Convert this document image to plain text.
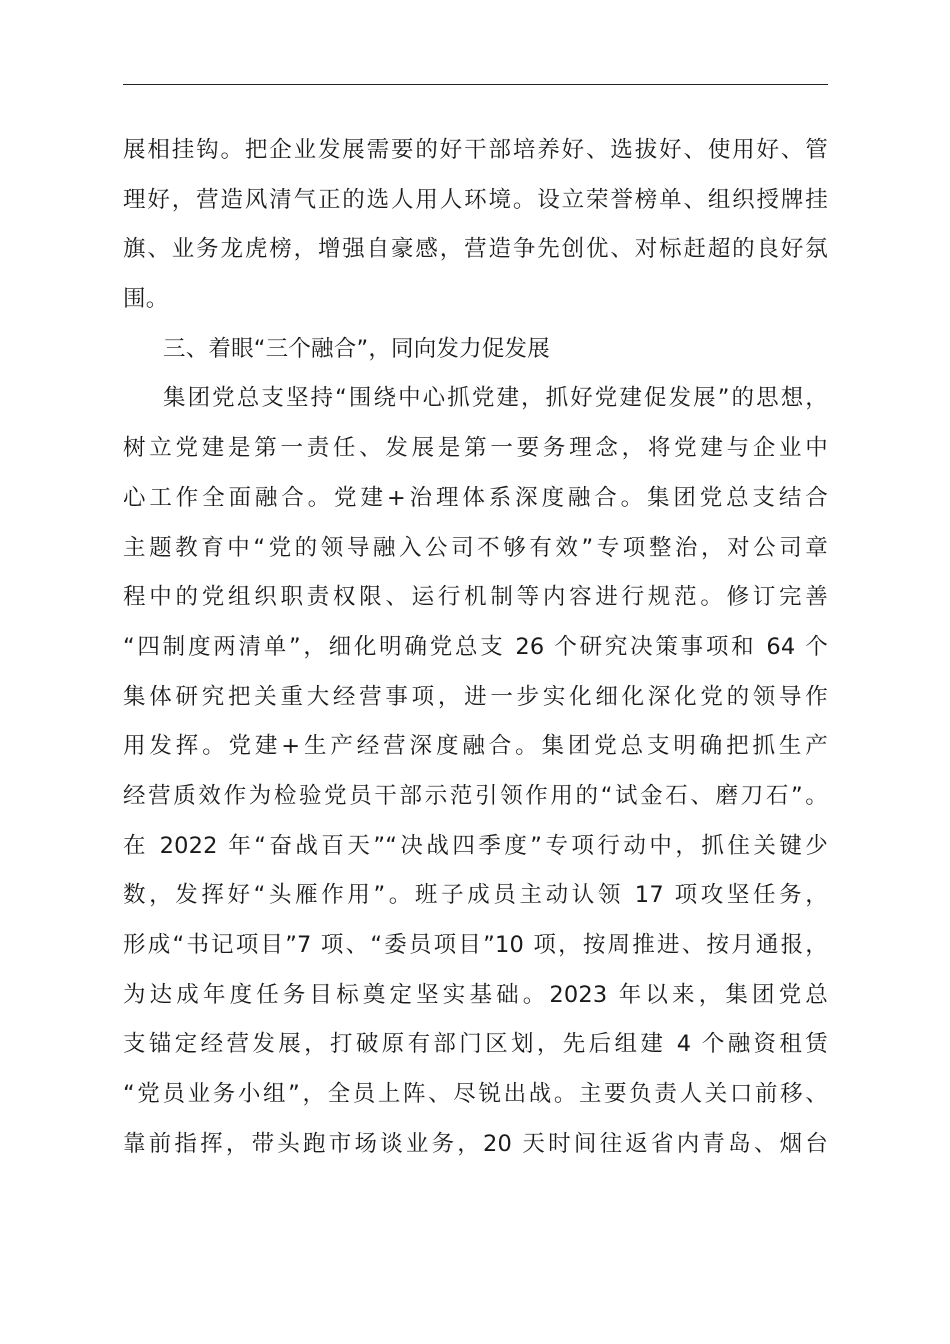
展相挂钩。把企业发展需要的好干部培养好、选拔好、使用好、管
理好，营造风清气正的选人用人环境。设立荣誉榜单、组织授牌挂
旗、业务龙虎榜，增强自豪感，营造争先创优、对标赶超的良好氛
围。
三、着眼“三个融合”，同向发力促发展
集团党总支坚持“围绕中心抓党建，抓好党建促发展”的思想，
树立党建是第一责任、发展是第一要务理念，将党建与企业中
心工作全面融合。党建+治理体系深度融合。集团党总支结合
主题教育中“党的领导融入公司不够有效”专项整治，对公司章
程中的党组织职责权限、运行机制等内容进行规范。修订完善
“四制度两清单”，细化明确党总支 26 个研究决策事项和 64 个
集体研究把关重大经营事项，进一步实化细化深化党的领导作
用发挥。党建+生产经营深度融合。集团党总支明确把抓生产
经营质效作为检验党员干部示范引领作用的“试金石、磨刀石”。
在 2022 年“奋战百天”“决战四季度”专项行动中，抓住关键少
数，发挥好“头雁作用”。班子成员主动认领 17 项攻坚任务，
形成“书记项目”7 项、“委员项目”10 项，按周推进、按月通报，
为达成年度任务目标奠定坚实基础。2023 年以来，集团党总
支锚定经营发展，打破原有部门区划，先后组建 4 个融资租赁
“党员业务小组”，全员上阵、尽锐出战。主要负责人关口前移、
靠前指挥，带头跑市场谈业务，20 天时间往返省内青岛、烟台
